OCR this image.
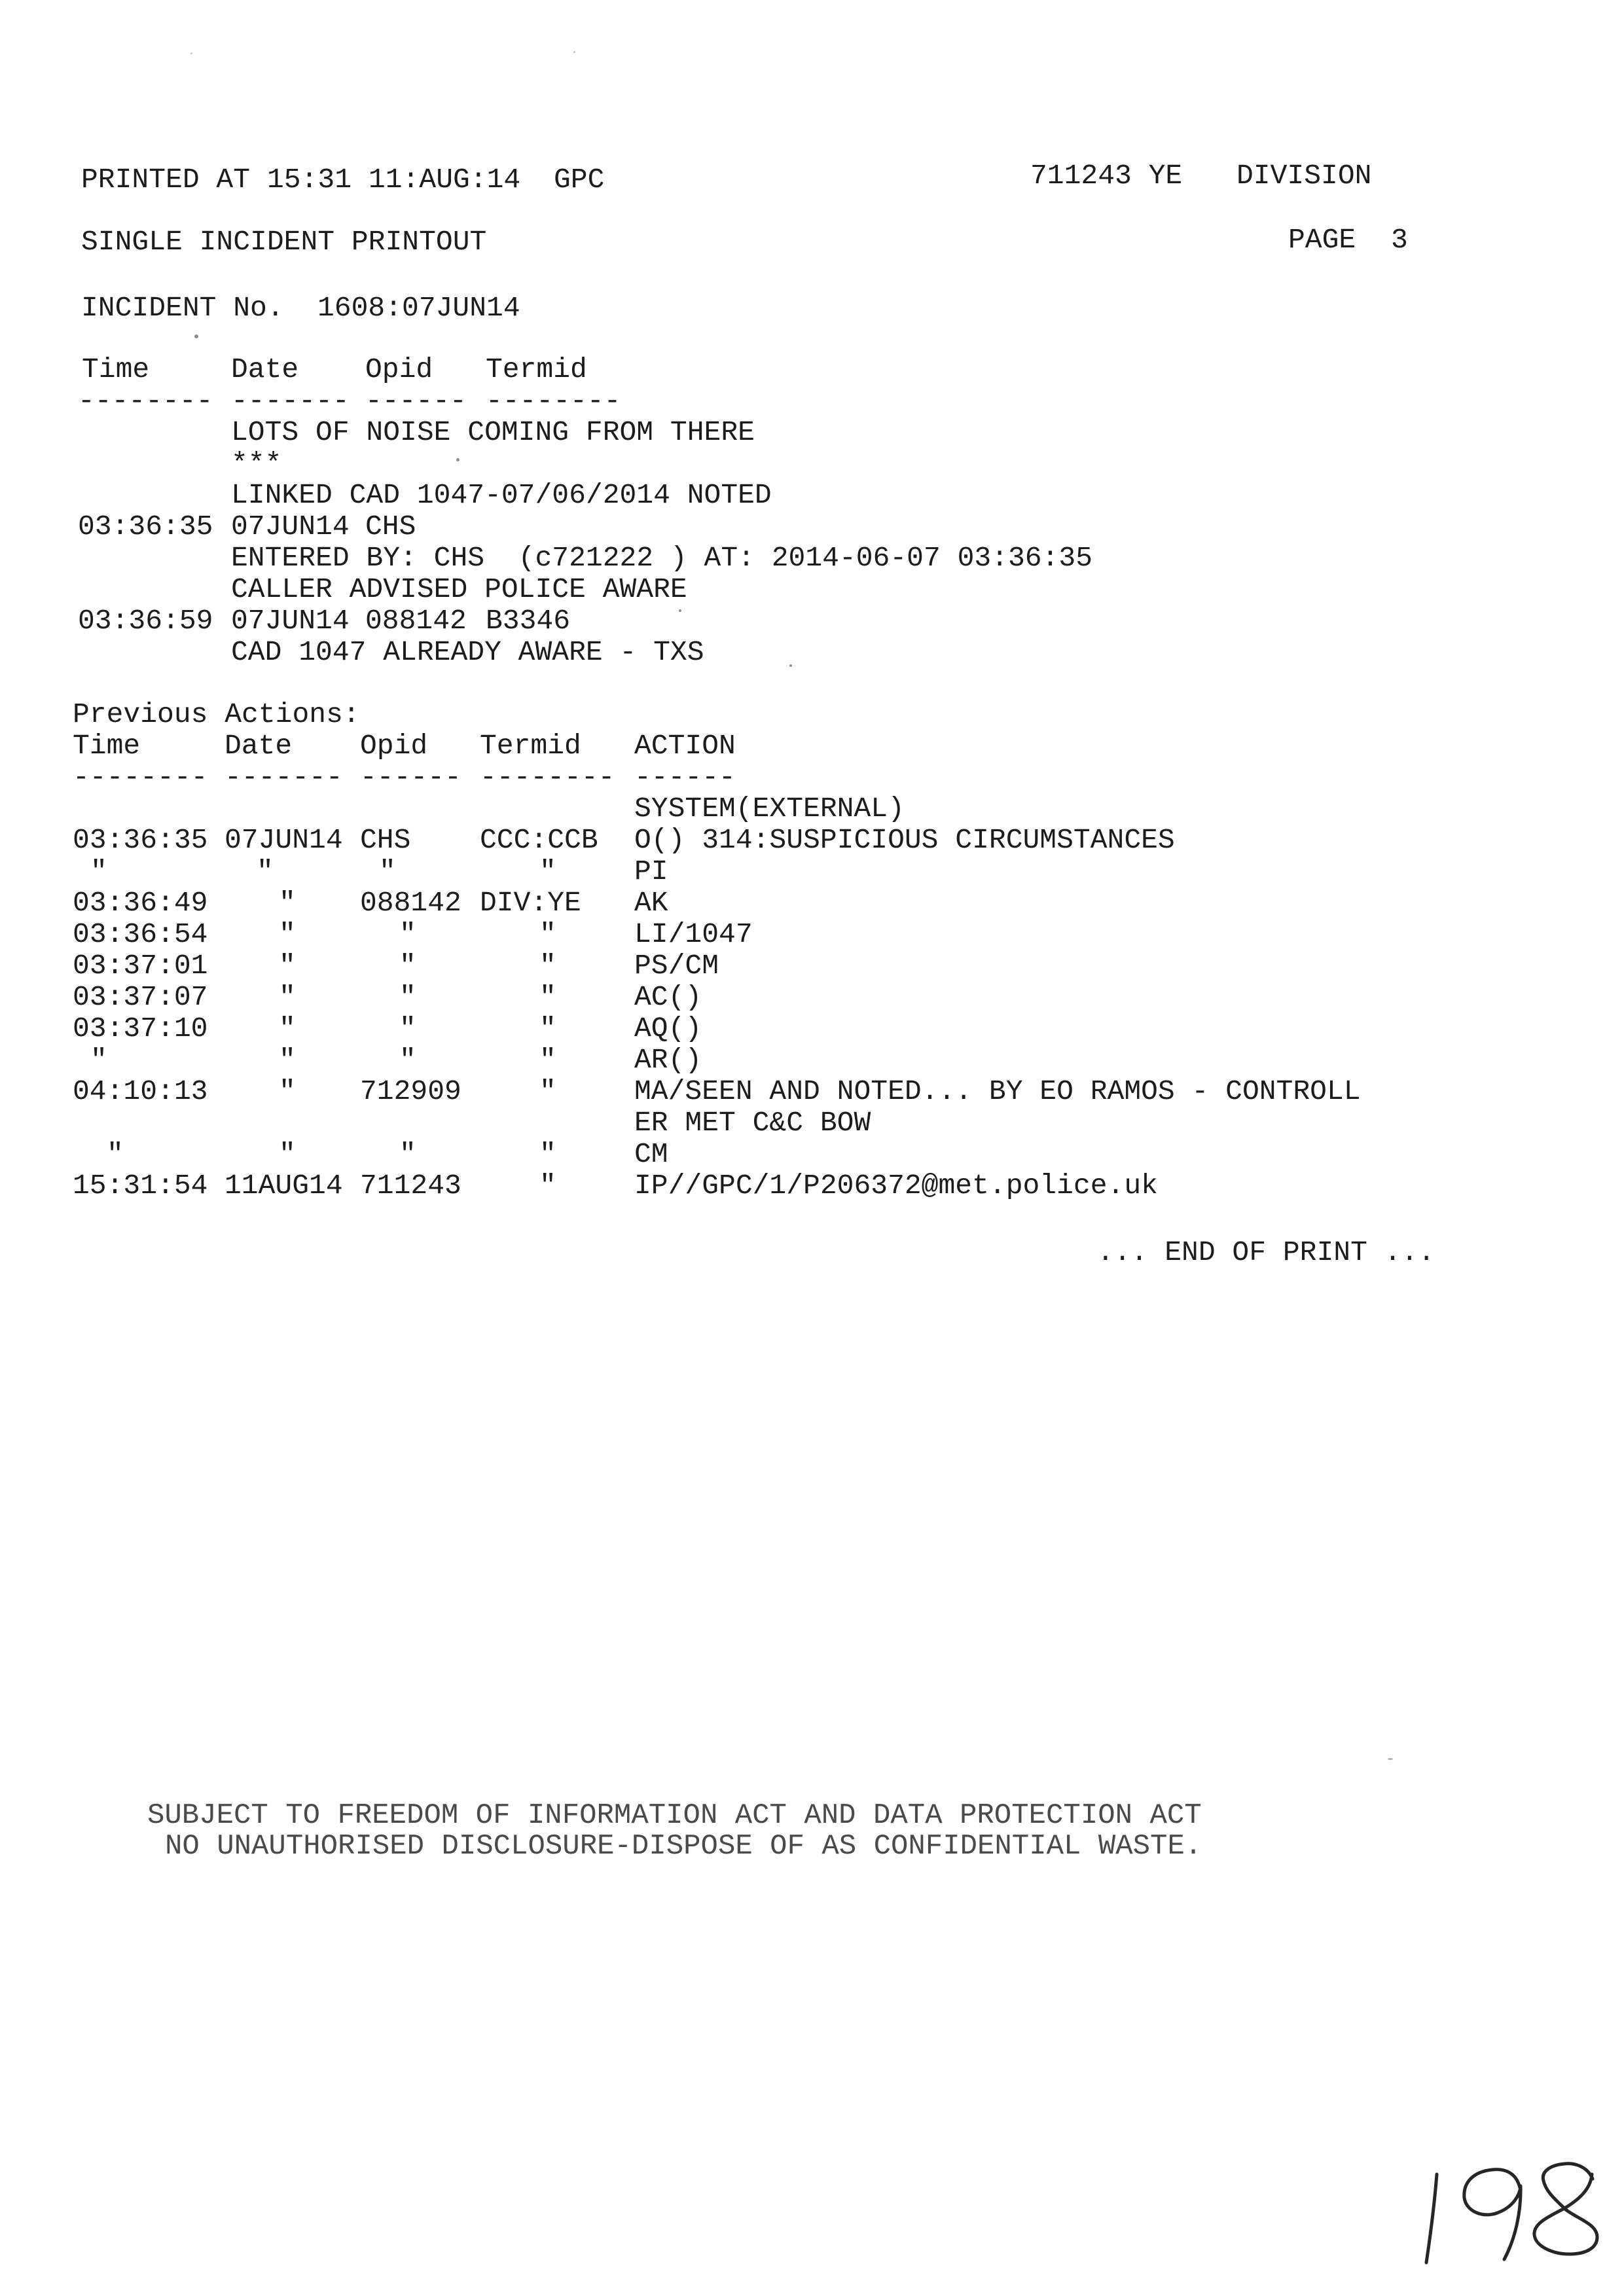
PRINTED AT 15:31 11:AUG:14 GPC	711243 YE DIVISION
SINGLE INCIDENT PRINTOUT	PAGE 3
INCIDENT No. 1608:07JUN14
Time	Date Opid Termid
-------- ------- ------ --------
LOTS OF NOISE COMING FROM THERE
***
LINKED CAD 1047-07/06/2014 NOTED
03:36:35 07JUN14 CHS
ENTERED BY: CHS  (c721222 ) AT: 2014-06-07 03:36:35
CALLER ADVISED POLICE AWARE
03:36:59 07JUN14 088142 B3346
CAD 1047 ALREADY AWARE - TXS
Previous Actions:
Time	Date Opid Termid ACTION
-------- ------- ------ -------- ------
SYSTEM(EXTERNAL)
03:36:35 07JUN14 CHS CCC:CCB O() 314:SUSPICIOUS CIRCUMSTANCES
"	"	"	"	PI
03:36:49	" 088142 DIV:YE AK
03:36:54	"	"	"	LI/1047
03:37:01	"	"	"	PS/CM
03:37:07	"	"	"	AC()
03:37:10	"	"	"	AQ()
"	"	"	"	AR()
04:10:13	" 712909	"	MA/SEEN AND NOTED... BY EO RAMOS - CONTROLL
ER MET C&C BOW
"	"	"	"	CM
15:31:54 11AUG14 711243	"	IP//GPC/1/P206372@met.police.uk
... END OF PRINT ...
SUBJECT TO FREEDOM OF INFORMATION ACT AND DATA PROTECTION ACT
NO UNAUTHORISED DISCLOSURE-DISPOSE OF AS CONFIDENTIAL WASTE.
